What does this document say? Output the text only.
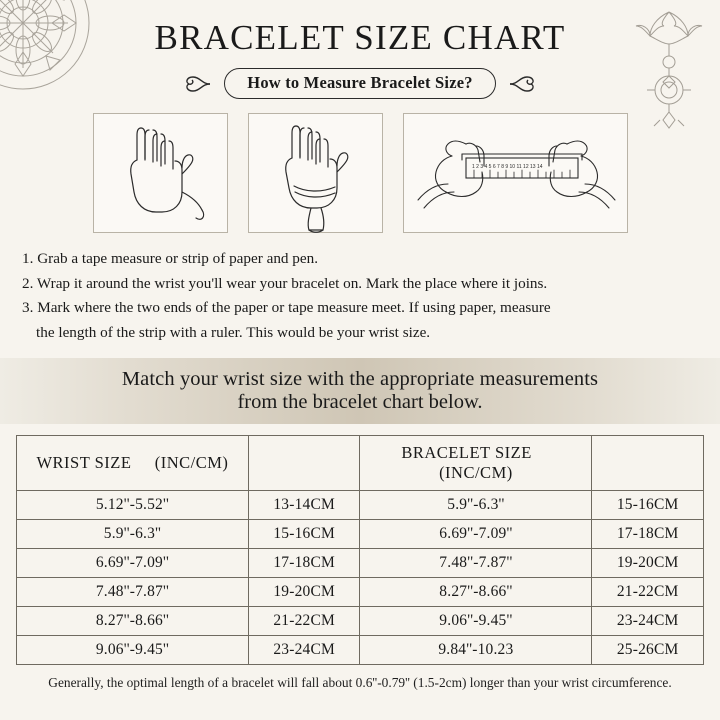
BRACELET SIZE CHART
How to Measure Bracelet Size?
1 2 3 4 5 6 7 8 9 10 11 12 13 14
1. Grab a tape measure or strip of paper and pen.
2. Wrap it around the wrist you'll wear your bracelet on. Mark the place where it joins.
3. Mark where the two ends of the paper or tape measure meet. If using paper, measure
the length of the strip with a ruler. This would be your wrist size.
Match your wrist size with the appropriate measurements
from the bracelet chart below.
WRIST SIZE (INC/CM)		BRACELET SIZE  (INC/CM)	
5.12''-5.52''	13-14CM	5.9''-6.3''	15-16CM
5.9''-6.3''	15-16CM	6.69''-7.09''	17-18CM
6.69''-7.09''	17-18CM	7.48''-7.87''	19-20CM
7.48''-7.87''	19-20CM	8.27''-8.66''	21-22CM
8.27''-8.66''	21-22CM	9.06''-9.45''	23-24CM
9.06''-9.45''	23-24CM	9.84''-10.23	25-26CM
Generally, the optimal length of a bracelet will fall about 0.6''-0.79'' (1.5-2cm) longer than your wrist circumference.
